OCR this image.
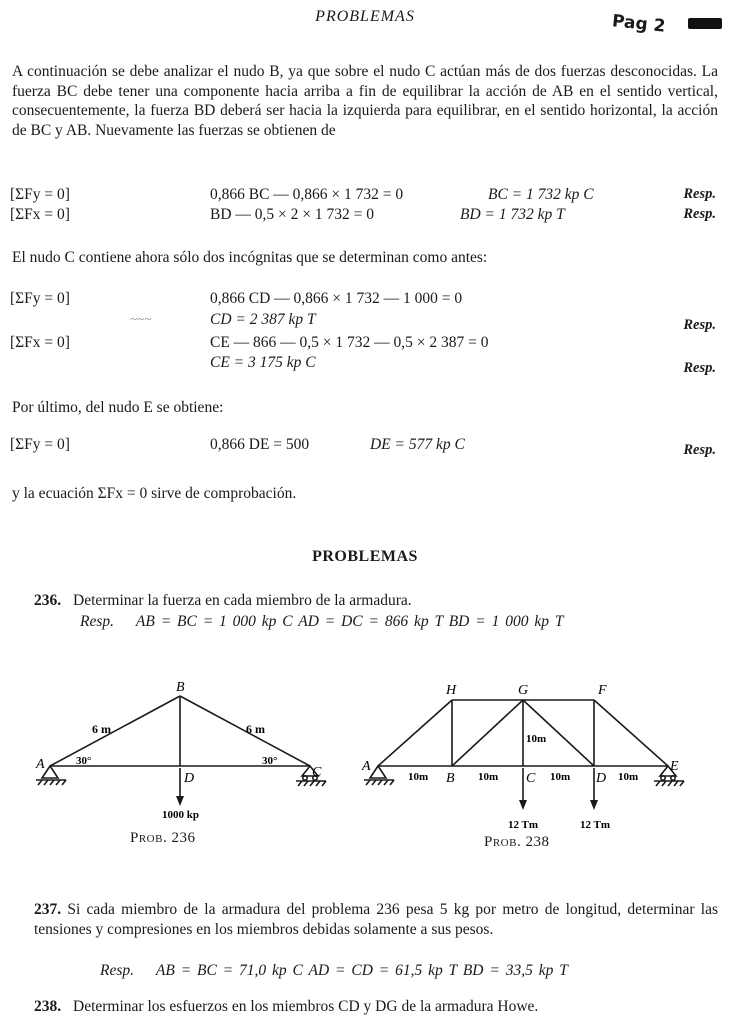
PROBLEMAS	Pag 2
A continuación se debe analizar el nudo B, ya que sobre el nudo C actúan más de dos fuerzas desconocidas. La fuerza BC debe tener una componente hacia arriba a fin de equilibrar la acción de AB en el sentido vertical, consecuentemente, la fuerza BD deberá ser hacia la izquierda para equilibrar, en el sentido horizontal, la acción de BC y AB. Nuevamente las fuerzas se obtienen de
[ΣFy = 0]	0,866 BC — 0,866 × 1 732 = 0	BC = 1 732 kp C	Resp.
[ΣFx = 0]	BD — 0,5 × 2 × 1 732 = 0	BD = 1 732 kp T	Resp.
El nudo C contiene ahora sólo dos incógnitas que se determinan como antes:
[ΣFy = 0]	0,866 CD — 0,866 × 1 732 — 1 000 = 0
~~~	CD = 2 387 kp T	Resp.
[ΣFx = 0]	CE — 866 — 0,5 × 1 732 — 0,5 × 2 387 = 0
CE = 3 175 kp C	Resp.
Por último, del nudo E se obtiene:
[ΣFy = 0]	0,866 DE = 500	DE = 577 kp C	Resp.
y la ecuación ΣFx = 0 sirve de comprobación.
PROBLEMAS
236. Determinar la fuerza en cada miembro de la armadura.
Resp. AB = BC = 1 000 kp C AD = DC = 866 kp T BD = 1 000 kp T
B
A
C
D
6 m	6 m
30°	30°
1000 kp
Prob. 236
H	G	F
A
B	C	D
E
10m	10m	10m	10m
10m
12 Tm	12 Tm
Prob. 238
237. Si cada miembro de la armadura del problema 236 pesa 5 kg por metro de longitud, determinar las tensiones y compresiones en los miembros debidas solamente a sus pesos.
Resp. AB = BC = 71,0 kp C AD = CD = 61,5 kp T BD = 33,5 kp T
238. Determinar los esfuerzos en los miembros CD y DG de la armadura Howe.
